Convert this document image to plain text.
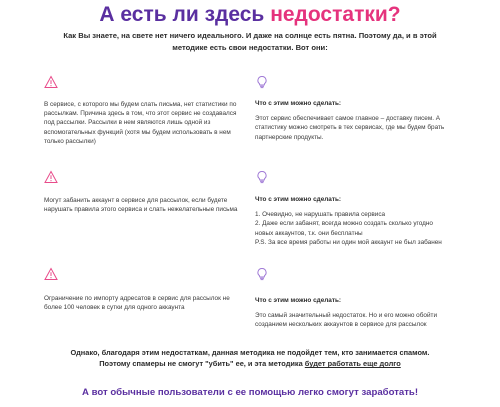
А есть ли здесь недостатки?
Как Вы знаете, на свете нет ничего идеального. И даже на солнце есть пятна. Поэтому да, и в этой методике есть свои недостатки. Вот они:
В сервисе, с которого мы будем слать письма, нет статистики по
рассылкам. Причина здесь в том, что этот сервис не создавался
под рассылки. Рассылки в нем являются лишь одной из
вспомогательных функций (хотя мы будем использовать в нем
только рассылки)
Что с этим можно сделать:
Этот сервис обеспечивает самое главное – доставку писем. А
статистику можно смотреть в тех сервисах, где мы будем брать
партнерские продукты.
Могут забанить аккаунт в сервисе для рассылок, если будете
нарушать правила этого сервиса и слать нежелательные письма
Что с этим можно сделать:
1. Очевидно, не нарушать правила сервиса
2. Даже если забанят, всегда можно создать сколько угодно
новых аккаунтов, т.к. они бесплатны
P.S. За все время работы ни один мой аккаунт не был забанен
Ограничение по импорту адресатов в сервис для рассылок не
более 100 человек в сутки для одного аккаунта
Что с этим можно сделать:
Это самый значительный недостаток. Но и его можно обойти
созданием нескольких аккаунтов в сервисе для рассылок
Однако, благодаря этим недостаткам, данная методика не подойдет тем, кто занимается спамом.
Поэтому спамеры не смогут "убить" ее, и эта методика будет работать еще долго
А вот обычные пользователи с ее помощью легко смогут заработать!
